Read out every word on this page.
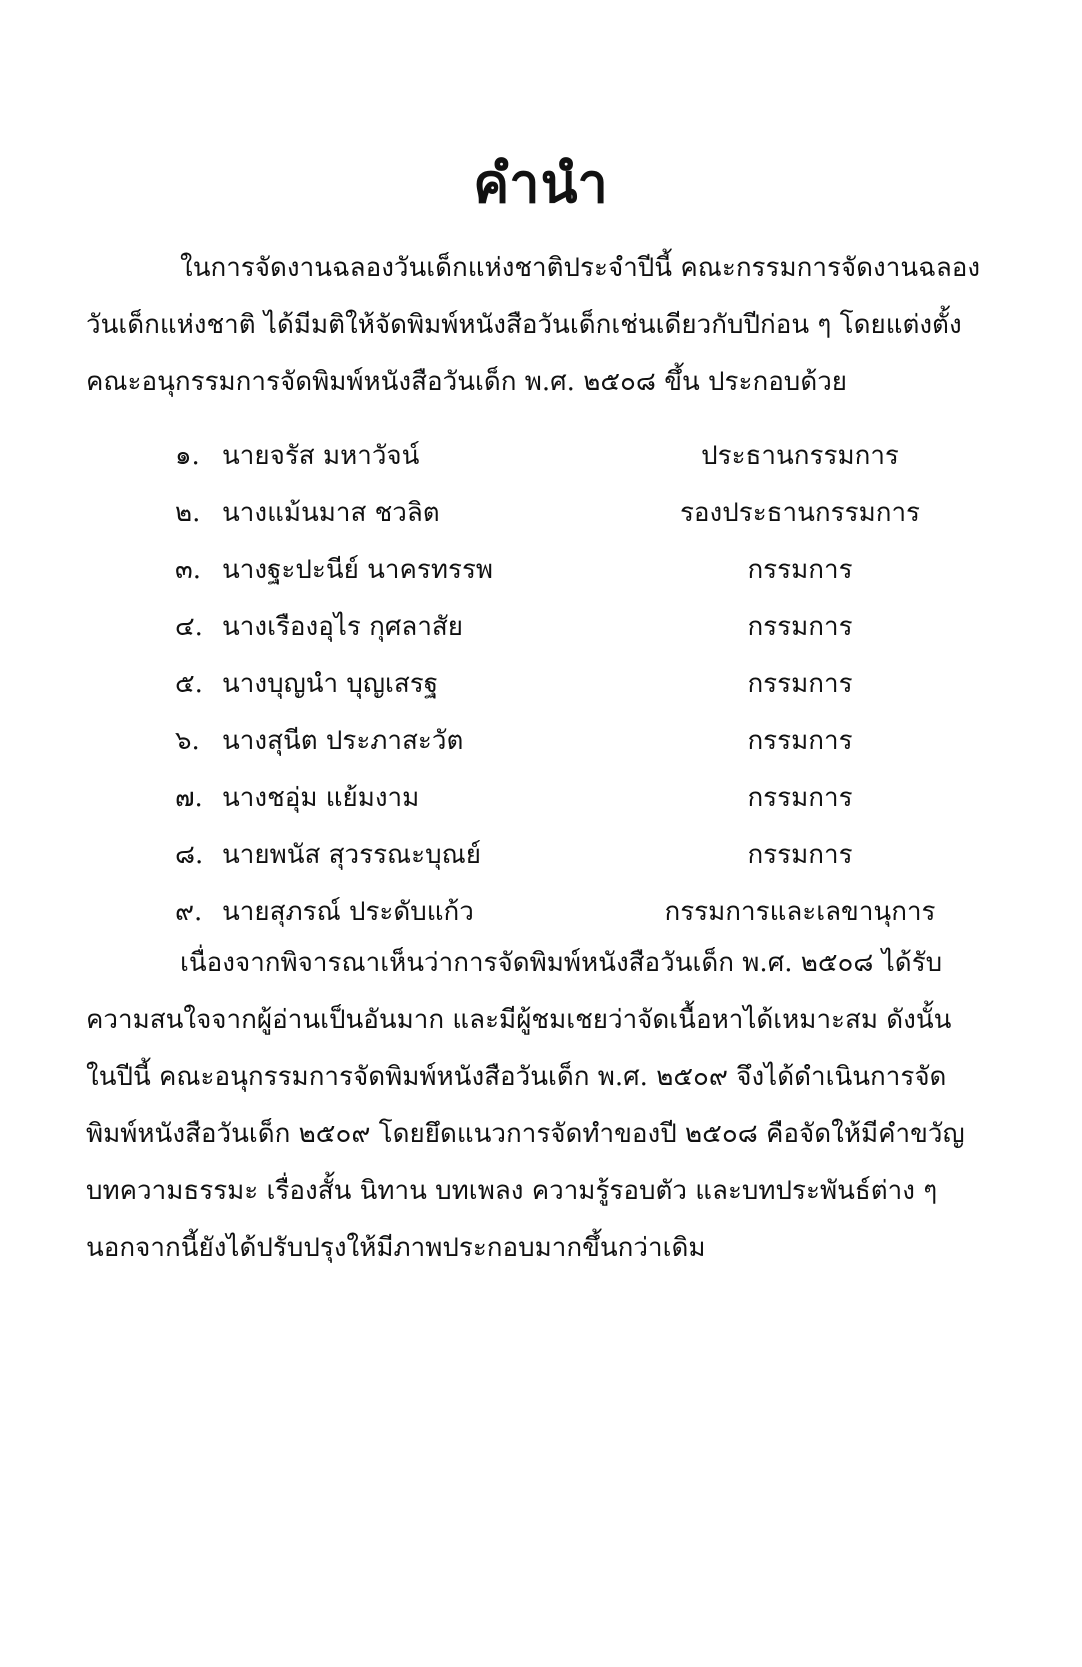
คำนำ
ในการจัดงานฉลองวันเด็กแห่งชาติประจำปีนี้ คณะกรรมการจัดงานฉลอง
วันเด็กแห่งชาติ ได้มีมติให้จัดพิมพ์หนังสือวันเด็กเช่นเดียวกับปีก่อน ๆ โดยแต่งตั้ง
คณะอนุกรรมการจัดพิมพ์หนังสือวันเด็ก พ.ศ. ๒๕๐๘ ขึ้น ประกอบด้วย
๑. นายจรัส มหาวัจน์	ประธานกรรมการ
๒. นางแม้นมาส ชวลิต	รองประธานกรรมการ
๓. นางฐะปะนีย์ นาครทรรพ	กรรมการ
๔. นางเรืองอุไร กุศลาสัย	กรรมการ
๕. นางบุญนำ บุญเสรฐ	กรรมการ
๖. นางสุนีต ประภาสะวัต	กรรมการ
๗. นางชอุ่ม แย้มงาม	กรรมการ
๘. นายพนัส สุวรรณะบุณย์	กรรมการ
๙. นายสุภรณ์ ประดับแก้ว	กรรมการและเลขานุการ
เนื่องจากพิจารณาเห็นว่าการจัดพิมพ์หนังสือวันเด็ก พ.ศ. ๒๕๐๘ ได้รับ
ความสนใจจากผู้อ่านเป็นอันมาก และมีผู้ชมเชยว่าจัดเนื้อหาได้เหมาะสม ดังนั้น
ในปีนี้ คณะอนุกรรมการจัดพิมพ์หนังสือวันเด็ก พ.ศ. ๒๕๐๙ จึงได้ดำเนินการจัด
พิมพ์หนังสือวันเด็ก ๒๕๐๙ โดยยึดแนวการจัดทำของปี ๒๕๐๘ คือจัดให้มีคำขวัญ
บทความธรรมะ เรื่องสั้น นิทาน บทเพลง ความรู้รอบตัว และบทประพันธ์ต่าง ๆ
นอกจากนี้ยังได้ปรับปรุงให้มีภาพประกอบมากขึ้นกว่าเดิม
